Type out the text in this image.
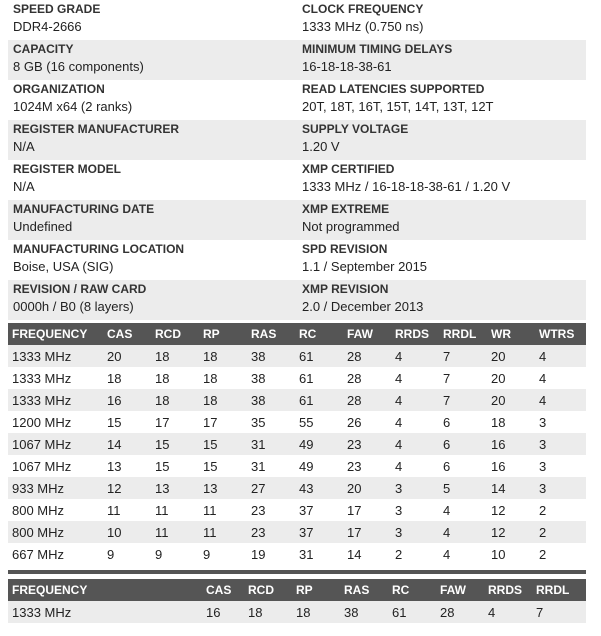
SPEED GRADE
DDR4-2666
CLOCK FREQUENCY
1333 MHz (0.750 ns)
CAPACITY
8 GB (16 components)
MINIMUM TIMING DELAYS
16-18-18-38-61
ORGANIZATION
1024M x64 (2 ranks)
READ LATENCIES SUPPORTED
20T, 18T, 16T, 15T, 14T, 13T, 12T
REGISTER MANUFACTURER
N/A
SUPPLY VOLTAGE
1.20 V
REGISTER MODEL
N/A
XMP CERTIFIED
1333 MHz / 16-18-18-38-61 / 1.20 V
MANUFACTURING DATE
Undefined
XMP EXTREME
Not programmed
MANUFACTURING LOCATION
Boise, USA (SIG)
SPD REVISION
1.1 / September 2015
REVISION / RAW CARD
0000h / B0 (8 layers)
XMP REVISION
2.0 / December 2013
FREQUENCY	CAS	RCD	RP	RAS	RC	FAW	RRDS	RRDL	WR	WTRS
1333 MHz	20	18	18	38	61	28	4	7	20	4
1333 MHz	18	18	18	38	61	28	4	7	20	4
1333 MHz	16	18	18	38	61	28	4	7	20	4
1200 MHz	15	17	17	35	55	26	4	6	18	3
1067 MHz	14	15	15	31	49	23	4	6	16	3
1067 MHz	13	15	15	31	49	23	4	6	16	3
933 MHz	12	13	13	27	43	20	3	5	14	3
800 MHz	11	11	11	23	37	17	3	4	12	2
800 MHz	10	11	11	23	37	17	3	4	12	2
667 MHz	9	9	9	19	31	14	2	4	10	2
FREQUENCY		CAS	RCD	RP	RAS	RC	FAW	RRDS	RRDL
1333 MHz		16	18	18	38	61	28	4	7
